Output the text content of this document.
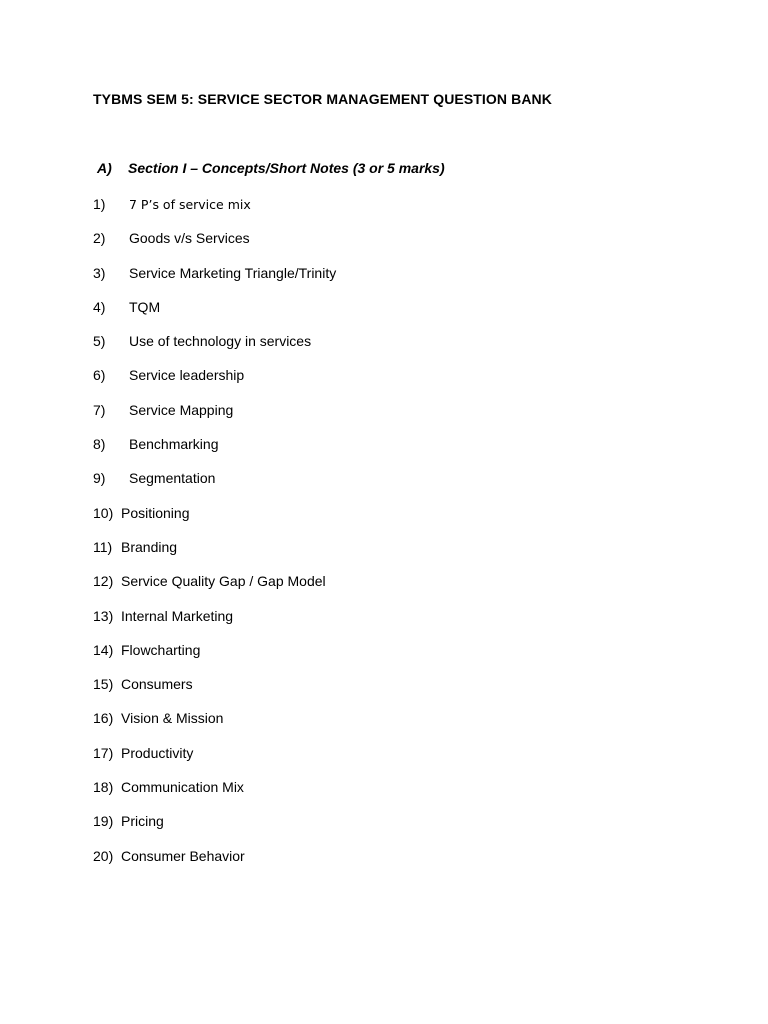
TYBMS SEM 5: SERVICE SECTOR MANAGEMENT QUESTION BANK
A) Section I – Concepts/Short Notes (3 or 5 marks)
1) 7 P’s of service mix
2) Goods v/s Services
3) Service Marketing Triangle/Trinity
4) TQM
5) Use of technology in services
6) Service leadership
7) Service Mapping
8) Benchmarking
9) Segmentation
10) Positioning
11) Branding
12) Service Quality Gap / Gap Model
13) Internal Marketing
14) Flowcharting
15) Consumers
16) Vision & Mission
17) Productivity
18) Communication Mix
19) Pricing
20) Consumer Behavior
